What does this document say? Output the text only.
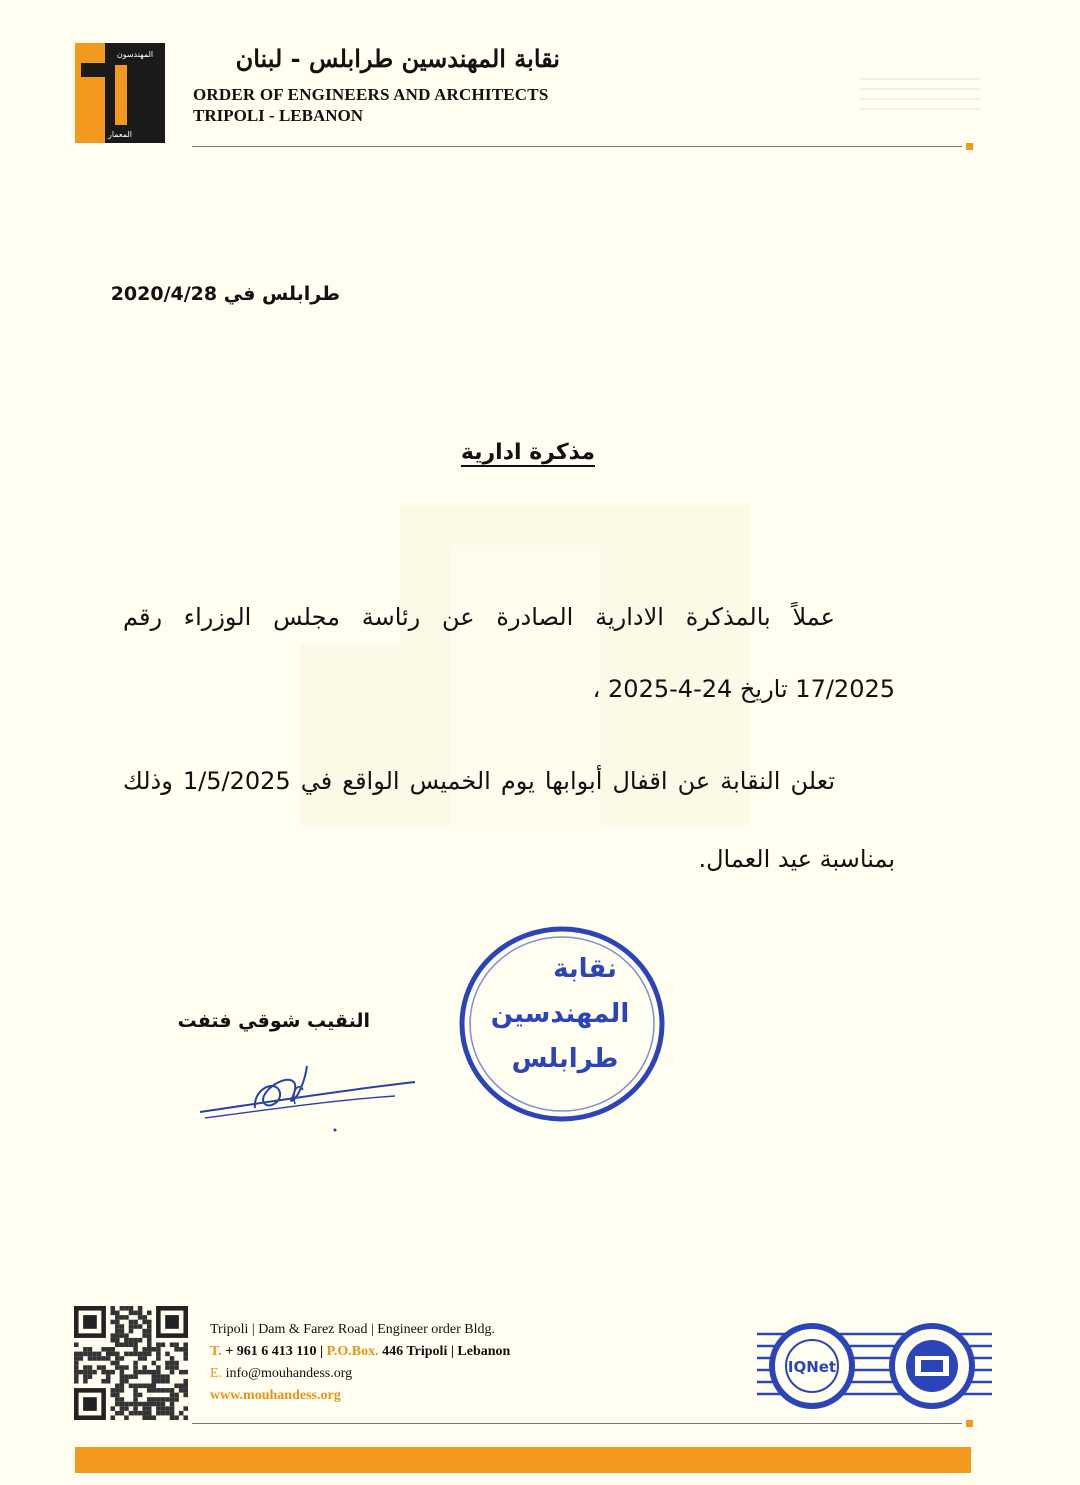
المهندسون
المعمار
نقابة المهندسين طرابلس - لبنان
ORDER OF ENGINEERS AND ARCHITECTS
TRIPOLI - LEBANON
طرابلس في 2020/4/28
مذكرة ادارية
عملاً بالمذكرة الادارية الصادرة عن رئاسة مجلس الوزراء رقم
17/2025 تاريخ 24-4-2025 ،
تعلن النقابة عن اقفال أبوابها يوم الخميس الواقع في 1/5/2025 وذلك
بمناسبة عيد العمال.
نقابة
المهندسين
طرابلس
النقيب شوقي فتفت
Tripoli | Dam & Farez Road | Engineer order Bldg.
T. + 961 6 413 110 | P.O.Box. 446 Tripoli | Lebanon
E. info@mouhandess.org
www.mouhandess.org
IQNet
